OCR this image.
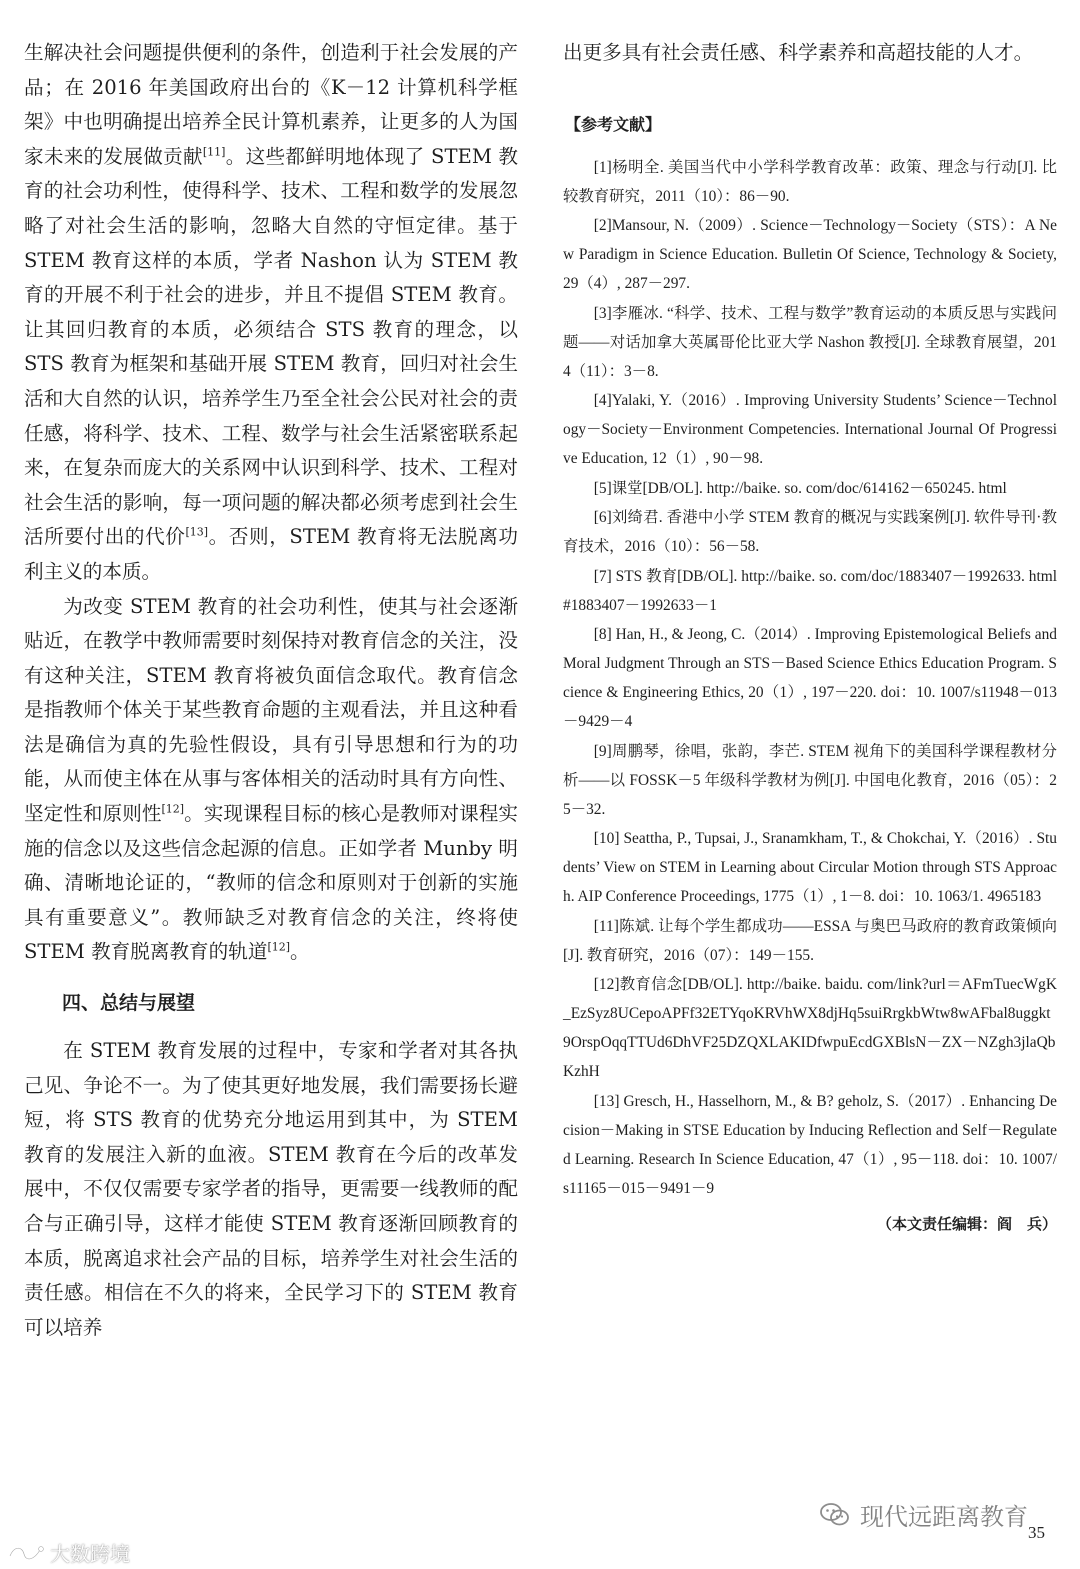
生解决社会问题提供便利的条件，创造利于社会发展的产品；在 2016 年美国政府出台的《K－12 计算机科学框架》中也明确提出培养全民计算机素养，让更多的人为国家未来的发展做贡献[11]。这些都鲜明地体现了 STEM 教育的社会功利性，使得科学、技术、工程和数学的发展忽略了对社会生活的影响，忽略大自然的守恒定律。基于 STEM 教育这样的本质，学者 Nashon 认为 STEM 教育的开展不利于社会的进步，并且不提倡 STEM 教育。让其回归教育的本质，必须结合 STS 教育的理念，以 STS 教育为框架和基础开展 STEM 教育，回归对社会生活和大自然的认识，培养学生乃至全社会公民对社会的责任感，将科学、技术、工程、数学与社会生活紧密联系起来，在复杂而庞大的关系网中认识到科学、技术、工程对社会生活的影响，每一项问题的解决都必须考虑到社会生活所要付出的代价[13]。否则，STEM 教育将无法脱离功利主义的本质。

为改变 STEM 教育的社会功利性，使其与社会逐渐贴近，在教学中教师需要时刻保持对教育信念的关注，没有这种关注，STEM 教育将被负面信念取代。教育信念是指教师个体关于某些教育命题的主观看法，并且这种看法是确信为真的先验性假设，具有引导思想和行为的功能，从而使主体在从事与客体相关的活动时具有方向性、坚定性和原则性[12]。实现课程目标的核心是教师对课程实施的信念以及这些信念起源的信息。正如学者 Munby 明确、清晰地论证的，“教师的信念和原则对于创新的实施具有重要意义”。教师缺乏对教育信念的关注，终将使 STEM 教育脱离教育的轨道[12]。

四、总结与展望

在 STEM 教育发展的过程中，专家和学者对其各执己见、争论不一。为了使其更好地发展，我们需要扬长避短，将 STS 教育的优势充分地运用到其中，为 STEM 教育的发展注入新的血液。STEM 教育在今后的改革发展中，不仅仅需要专家学者的指导，更需要一线教师的配合与正确引导，这样才能使 STEM 教育逐渐回顾教育的本质，脱离追求社会产品的目标，培养学生对社会生活的责任感。相信在不久的将来，全民学习下的 STEM 教育可以培养

出更多具有社会责任感、科学素养和高超技能的人才。

【参考文献】

[1]杨明全. 美国当代中小学科学教育改革：政策、理念与行动[J]. 比较教育研究，2011（10）：86－90.

[2]Mansour, N.（2009）. Science－Technology－Society（STS）：A New Paradigm in Science Education. Bulletin Of Science, Technology & Society, 29（4）, 287－297.

[3]李雁冰. “科学、技术、工程与数学”教育运动的本质反思与实践问题——对话加拿大英属哥伦比亚大学 Nashon 教授[J]. 全球教育展望，2014（11）：3－8.

[4]Yalaki, Y.（2016）. Improving University Students’ Science－Technology－Society－Environment Competencies. International Journal Of Progressive Education, 12（1）, 90－98.

[5]课堂[DB/OL]. http://baike. so. com/doc/614162－650245. html

[6]刘绮君. 香港中小学 STEM 教育的概况与实践案例[J]. 软件导刊·教育技术，2016（10）：56－58.

[7] STS 教育[DB/OL]. http://baike. so. com/doc/1883407－1992633. html#1883407－1992633－1

[8] Han, H., & Jeong, C.（2014）. Improving Epistemological Beliefs and Moral Judgment Through an STS－Based Science Ethics Education Program. Science & Engineering Ethics, 20（1）, 197－220. doi：10. 1007/s11948－013－9429－4

[9]周鹏琴，徐唱，张韵，李芒. STEM 视角下的美国科学课程教材分析——以 FOSSK－5 年级科学教材为例[J]. 中国电化教育，2016（05）：25－32.

[10] Seattha, P., Tupsai, J., Sranamkham, T., & Chokchai, Y.（2016）. Students’ View on STEM in Learning about Circular Motion through STS Approach. AIP Conference Proceedings, 1775（1）, 1－8. doi：10. 1063/1. 4965183

[11]陈斌. 让每个学生都成功——ESSA 与奥巴马政府的教育政策倾向[J]. 教育研究，2016（07）：149－155.

[12]教育信念[DB/OL]. http://baike. baidu. com/link?url＝AFmTuecWgK_EzSyz8UCepoAPFf32ETYqoKRVhWX8djHq5suiRrgkbWtw8wAFbal8uggkt9OrspOqqTTUd6DhVF25DZQXLAKIDfwpuEcdGXBlsN－ZX－NZgh3jlaQbKzhH

[13] Gresch, H., Hasselhorn, M., & B? geholz, S.（2017）. Enhancing Decision－Making in STSE Education by Inducing Reflection and Self－Regulated Learning. Research In Science Education, 47（1）, 95－118. doi：10. 1007/s11165－015－9491－9

（本文责任编辑：阎　兵）
现代远距离教育
35
大数跨境
